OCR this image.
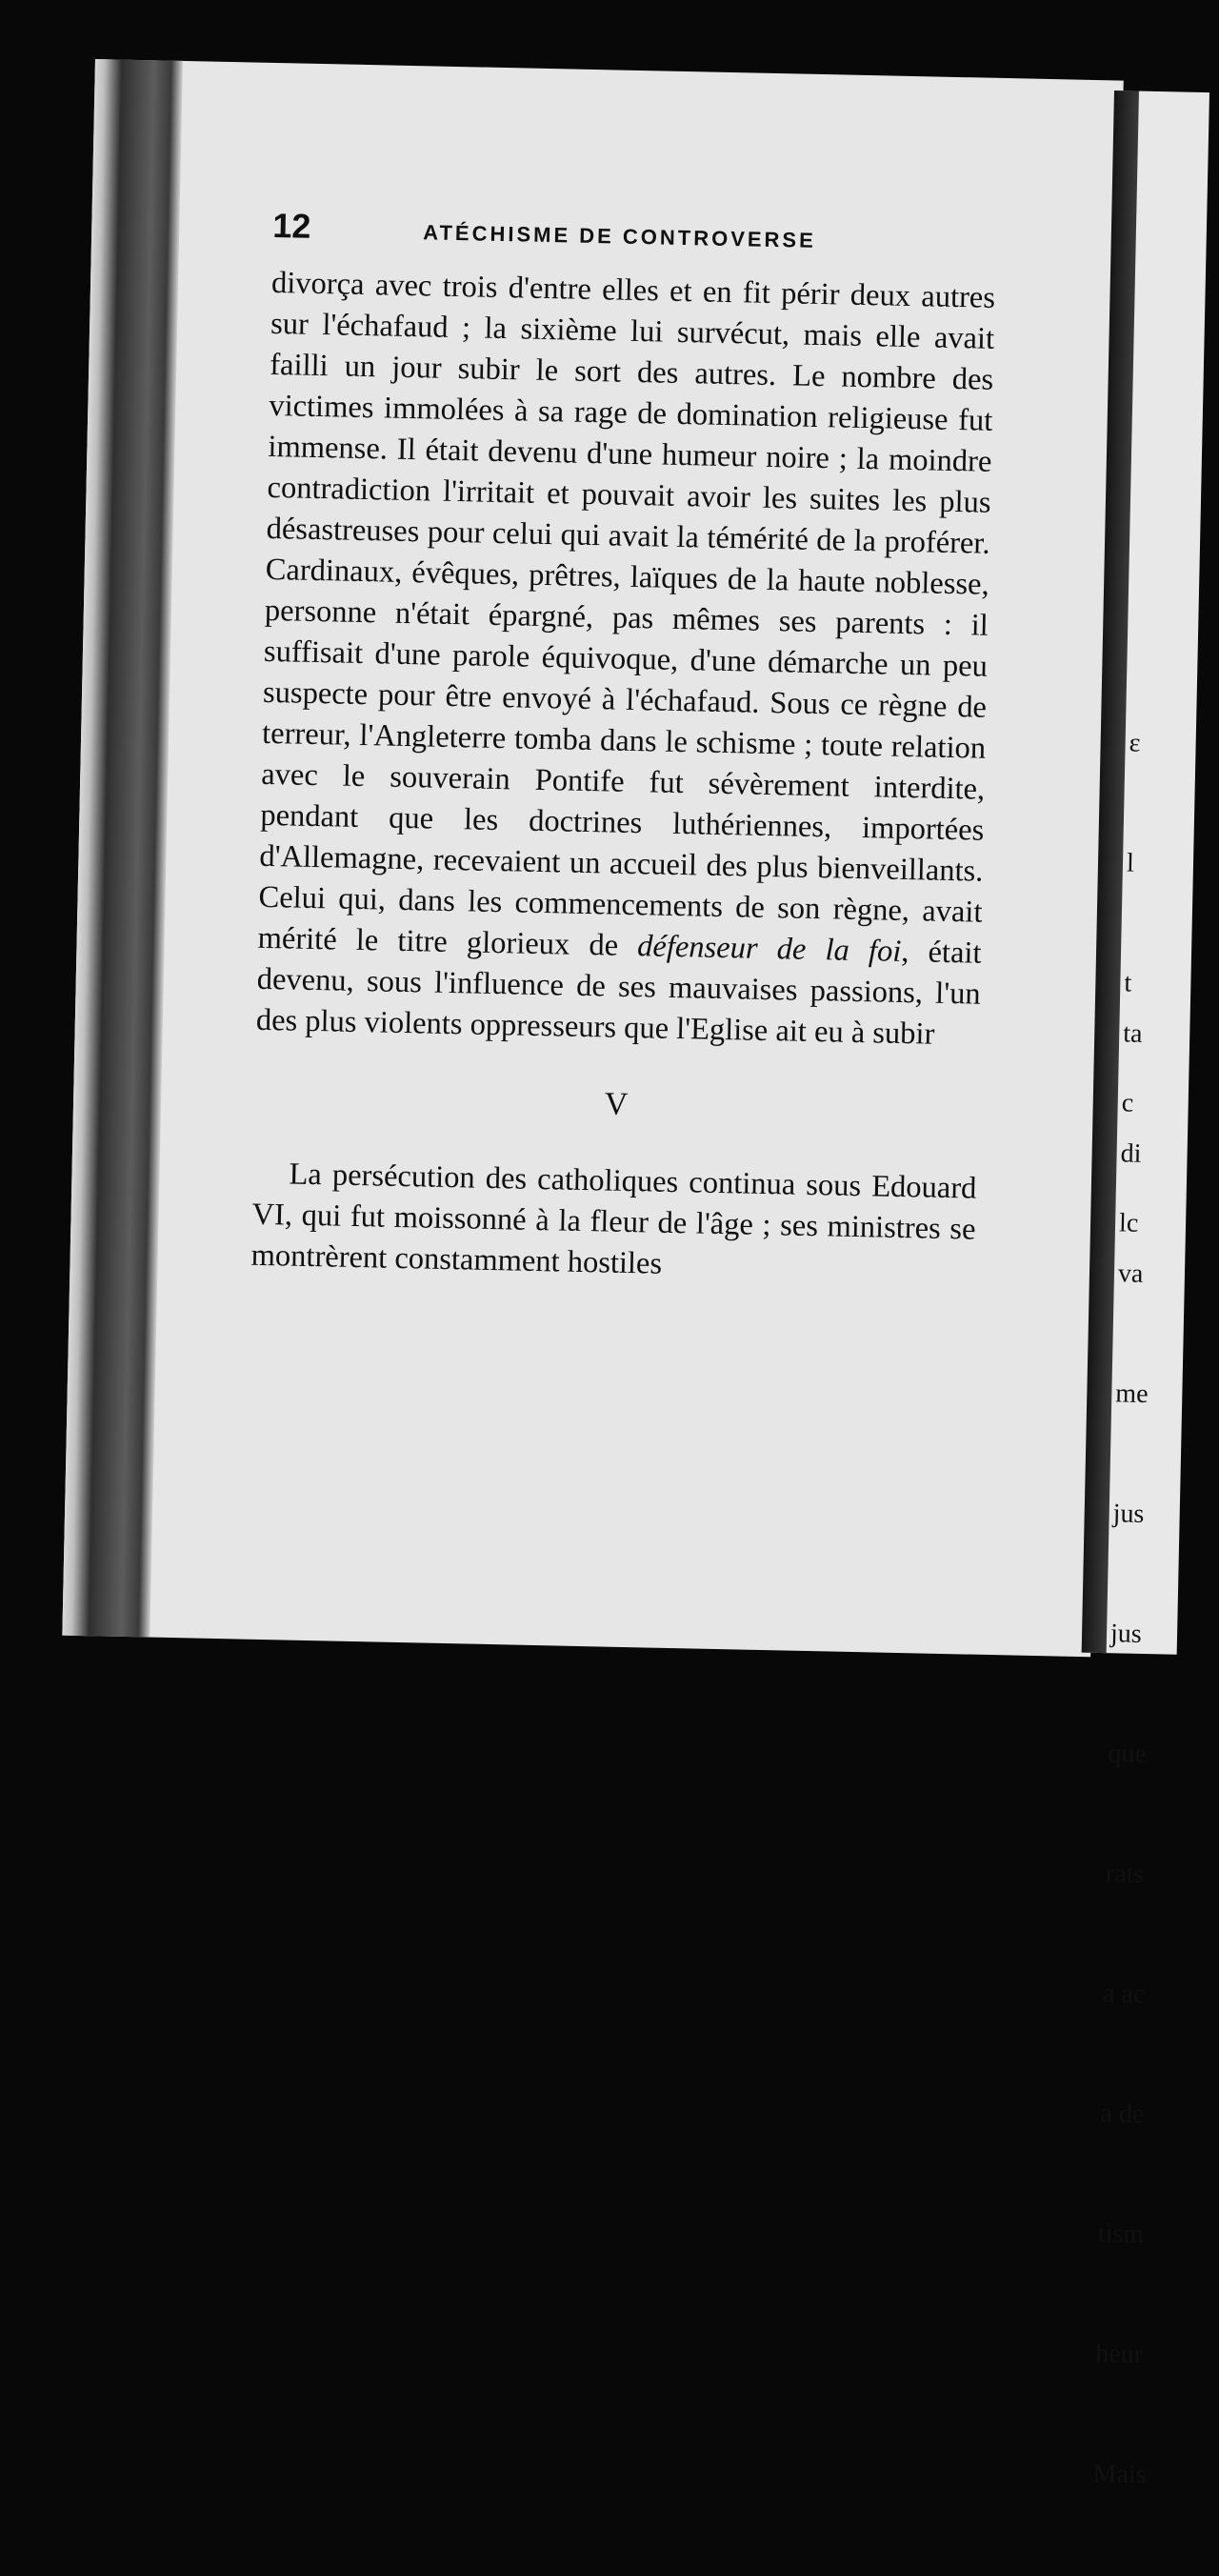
12	ATÉCHISME DE CONTROVERSE

divorça avec trois d'entre elles et en fit périr deux autres sur l'échafaud ; la sixième lui survécut, mais elle avait failli un jour subir le sort des autres. Le nombre des victimes immolées à sa rage de domination religieuse fut immense. Il était devenu d'une humeur noire ; la moindre contradiction l'irritait et pouvait avoir les suites les plus désastreuses pour celui qui avait la témérité de la proférer. Cardinaux, évêques, prêtres, laïques de la haute noblesse, personne n'était épargné, pas mêmes ses parents : il suffisait d'une parole équivoque, d'une démarche un peu suspecte pour être envoyé à l'échafaud. Sous ce règne de terreur, l'Angleterre tomba dans le schisme ; toute relation avec le souverain Pontife fut sévèrement interdite, pendant que les doctrines luthériennes, importées d'Allemagne, recevaient un accueil des plus bienveillants. Celui qui, dans les commencements de son règne, avait mérité le titre glorieux de défenseur de la foi, était devenu, sous l'influence de ses mauvaises passions, l'un des plus violents oppresseurs que l'Eglise ait eu à subir

V

La persécution des catholiques continua sous Edouard VI, qui fut moissonné à la fleur de l'âge ; ses ministres se montrèrent constamment hostiles

ɛ

l

t

c

lc

ta

di

va

me

jus

jus

que

rats

a ac

a de

tism

heur

Mais
